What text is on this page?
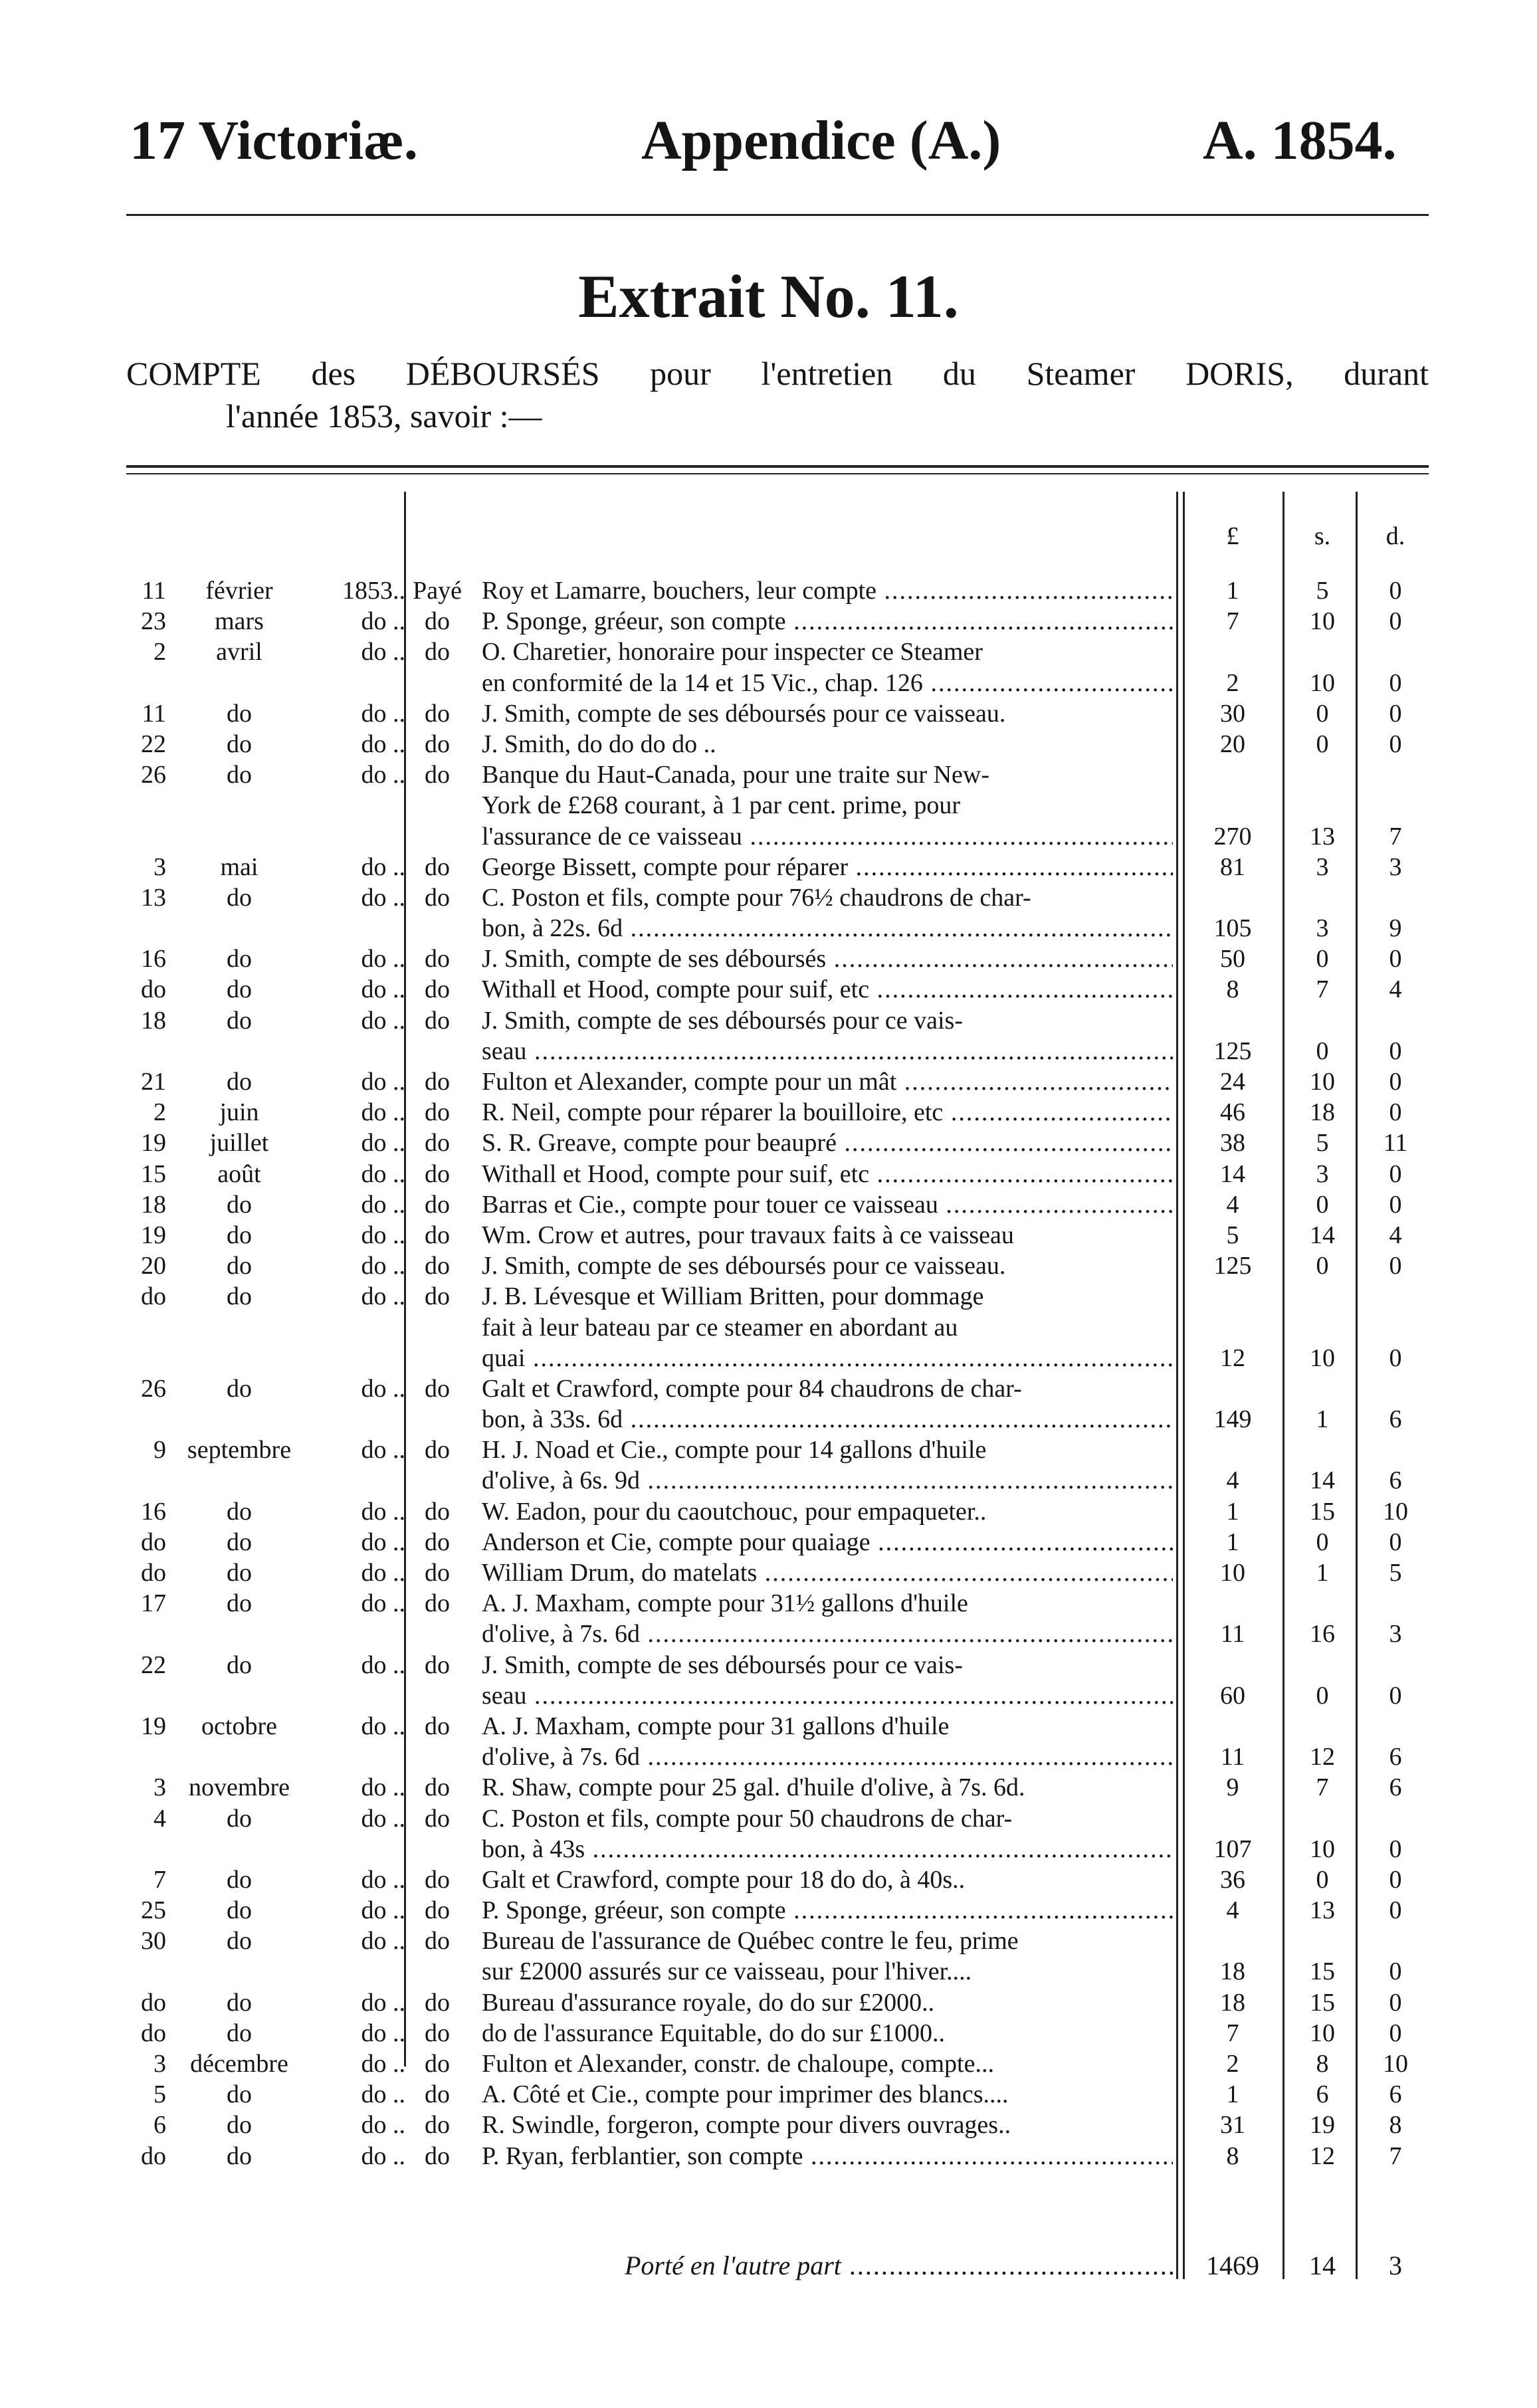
17 Victoriæ.	Appendice (A.)	A. 1854.
Extrait No. 11.
COMPTE des DÉBOURSÉS pour l'entretien du Steamer DORIS, durant
l'année 1853, savoir :—
£	s.	d.
11	février	1853.. Payé Roy et Lamarre, bouchers, leur compte .....	1	5	0
23	mars	do .. do	P. Sponge, gréeur, son compte .....	7	10	0
2	avril	do .. do	O. Charetier, honoraire pour inspecter ce Steamer
en conformité de la 14 et 15 Vic., chap. 126 .....	2	10	0
11	do	do .. do	J. Smith, compte de ses déboursés pour ce vaisseau.	30	0	0
22	do	do .. do	J. Smith, do do do do ..	20	0	0
26	do	do .. do	Banque du Haut-Canada, pour une traite sur New-
York de £268 courant, à 1 par cent. prime, pour
l'assurance de ce vaisseau .....	270	13	7
3	mai	do .. do	George Bissett, compte pour réparer .....	81	3	3
13	do	do .. do	C. Poston et fils, compte pour 76½ chaudrons de char-
bon, à 22s. 6d .....	105	3	9
16	do	do .. do	J. Smith, compte de ses déboursés .....	50	0	0
do	do	do .. do	Withall et Hood, compte pour suif, etc .....	8	7	4
18	do	do .. do	J. Smith, compte de ses déboursés pour ce vais-
seau .....	125	0	0
21	do	do .. do	Fulton et Alexander, compte pour un mât .....	24	10	0
2	juin	do .. do	R. Neil, compte pour réparer la bouilloire, etc .....	46	18	0
19	juillet	do .. do	S. R. Greave, compte pour beaupré .....	38	5	11
15	août	do .. do	Withall et Hood, compte pour suif, etc .....	14	3	0
18	do	do .. do	Barras et Cie., compte pour touer ce vaisseau .....	4	0	0
19	do	do .. do	Wm. Crow et autres, pour travaux faits à ce vaisseau	5	14	4
20	do	do .. do	J. Smith, compte de ses déboursés pour ce vaisseau.	125	0	0
do	do	do .. do	J. B. Lévesque et William Britten, pour dommage
fait à leur bateau par ce steamer en abordant au
quai .....	12	10	0
26	do	do .. do	Galt et Crawford, compte pour 84 chaudrons de char-
bon, à 33s. 6d .....	149	1	6
9 septembre	do .. do	H. J. Noad et Cie., compte pour 14 gallons d'huile
d'olive, à 6s. 9d .....	4	14	6
16	do	do .. do	W. Eadon, pour du caoutchouc, pour empaqueter..	1	15	10
do	do	do .. do	Anderson et Cie, compte pour quaiage .....	1	0	0
do	do	do .. do	William Drum, do matelats .....	10	1	5
17	do	do .. do	A. J. Maxham, compte pour 31½ gallons d'huile
d'olive, à 7s. 6d .....	11	16	3
22	do	do .. do	J. Smith, compte de ses déboursés pour ce vais-
seau .....	60	0	0
19	octobre	do .. do	A. J. Maxham, compte pour 31 gallons d'huile
d'olive, à 7s. 6d .....	11	12	6
3 novembre	do .. do	R. Shaw, compte pour 25 gal. d'huile d'olive, à 7s. 6d.	9	7	6
4	do	do .. do	C. Poston et fils, compte pour 50 chaudrons de char-
bon, à 43s .....	107	10	0
7	do	do .. do	Galt et Crawford, compte pour 18 do do, à 40s..	36	0	0
25	do	do .. do	P. Sponge, gréeur, son compte .....	4	13	0
30	do	do .. do	Bureau de l'assurance de Québec contre le feu, prime
sur £2000 assurés sur ce vaisseau, pour l'hiver....	18	15	0
do	do	do .. do	Bureau d'assurance royale, do do sur £2000..	18	15	0
do	do	do .. do	do de l'assurance Equitable, do do sur £1000..	7	10	0
3 décembre	do .. do	Fulton et Alexander, constr. de chaloupe, compte...	2	8	10
5	do	do .. do	A. Côté et Cie., compte pour imprimer des blancs....	1	6	6
6	do	do .. do	R. Swindle, forgeron, compte pour divers ouvrages..	31	19	8
do	do	do .. do	P. Ryan, ferblantier, son compte .....	8	12	7
Porté en l'autre part .....	1469	14	3
